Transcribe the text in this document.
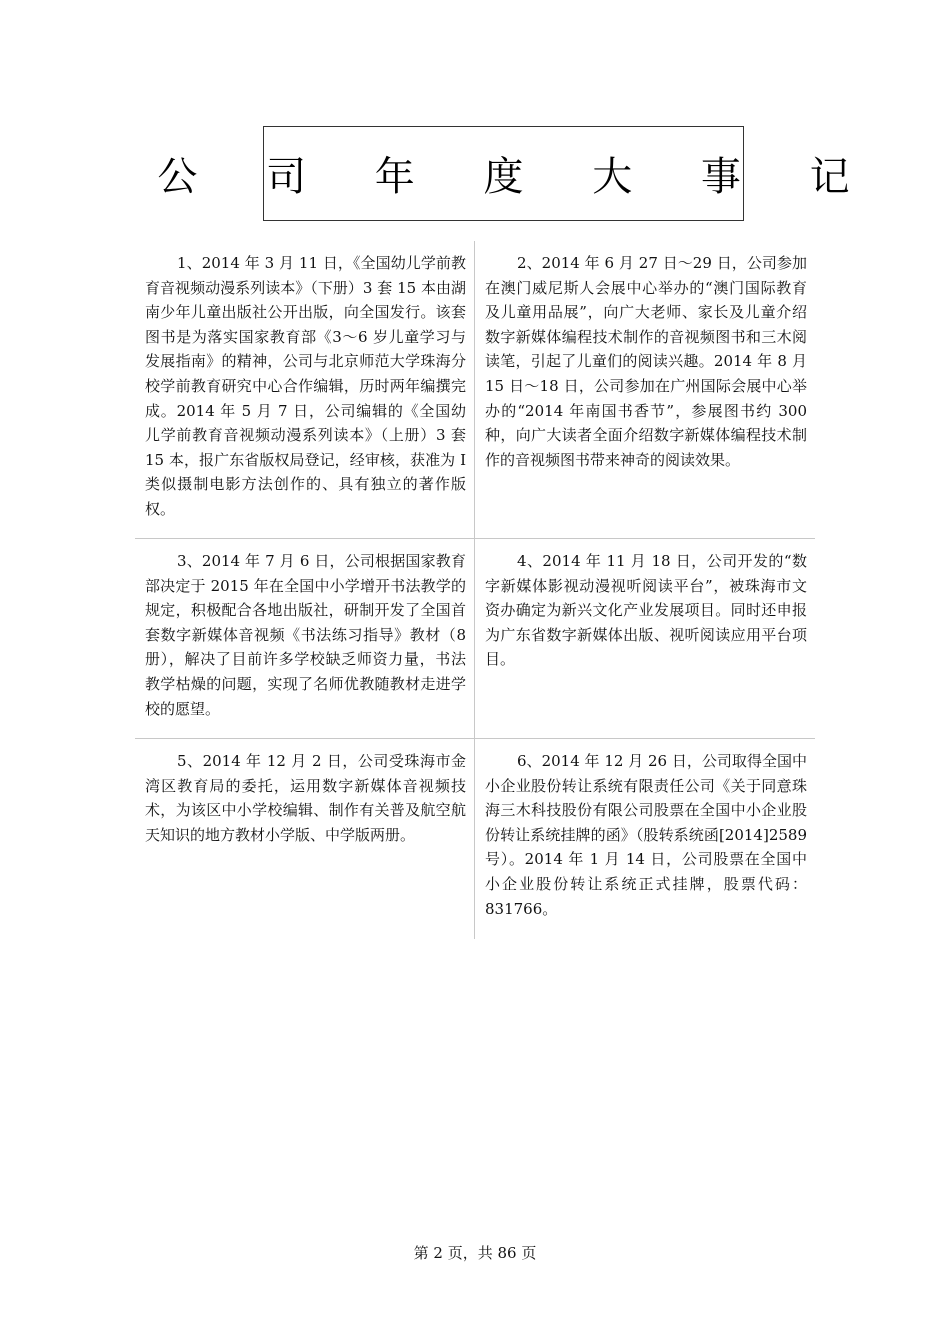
公 司 年 度 大 事 记
1、2014 年 3 月 11 日，《全国幼儿学前教育音视频动漫系列读本》（下册）3 套 15 本由湖南少年儿童出版社公开出版，向全国发行。该套图书是为落实国家教育部《3～6 岁儿童学习与发展指南》的精神，公司与北京师范大学珠海分校学前教育研究中心合作编辑，历时两年编撰完成。2014 年 5 月 7 日，公司编辑的《全国幼儿学前教育音视频动漫系列读本》（上册）3 套 15 本，报广东省版权局登记，经审核，获准为 I 类似摄制电影方法创作的、具有独立的著作版权。
2、2014 年 6 月 27 日～29 日，公司参加在澳门威尼斯人会展中心举办的“澳门国际教育及儿童用品展”，向广大老师、家长及儿童介绍数字新媒体编程技术制作的音视频图书和三木阅读笔，引起了儿童们的阅读兴趣。2014 年 8 月 15 日～18 日，公司参加在广州国际会展中心举办的“2014 年南国书香节”，参展图书约 300 种，向广大读者全面介绍数字新媒体编程技术制作的音视频图书带来神奇的阅读效果。
3、2014 年 7 月 6 日，公司根据国家教育部决定于 2015 年在全国中小学增开书法教学的规定，积极配合各地出版社，研制开发了全国首套数字新媒体音视频《书法练习指导》教材（8 册），解决了目前许多学校缺乏师资力量，书法教学枯燥的问题，实现了名师优教随教材走进学校的愿望。
4、2014 年 11 月 18 日，公司开发的“数字新媒体影视动漫视听阅读平台”，被珠海市文资办确定为新兴文化产业发展项目。同时还申报为广东省数字新媒体出版、视听阅读应用平台项目。
5、2014 年 12 月 2 日，公司受珠海市金湾区教育局的委托，运用数字新媒体音视频技术，为该区中小学校编辑、制作有关普及航空航天知识的地方教材小学版、中学版两册。
6、2014 年 12 月 26 日，公司取得全国中小企业股份转让系统有限责任公司《关于同意珠海三木科技股份有限公司股票在全国中小企业股份转让系统挂牌的函》（股转系统函[2014]2589 号）。2014 年 1 月 14 日，公司股票在全国中小企业股份转让系统正式挂牌，股票代码：831766。
第 2 页，共 86 页
